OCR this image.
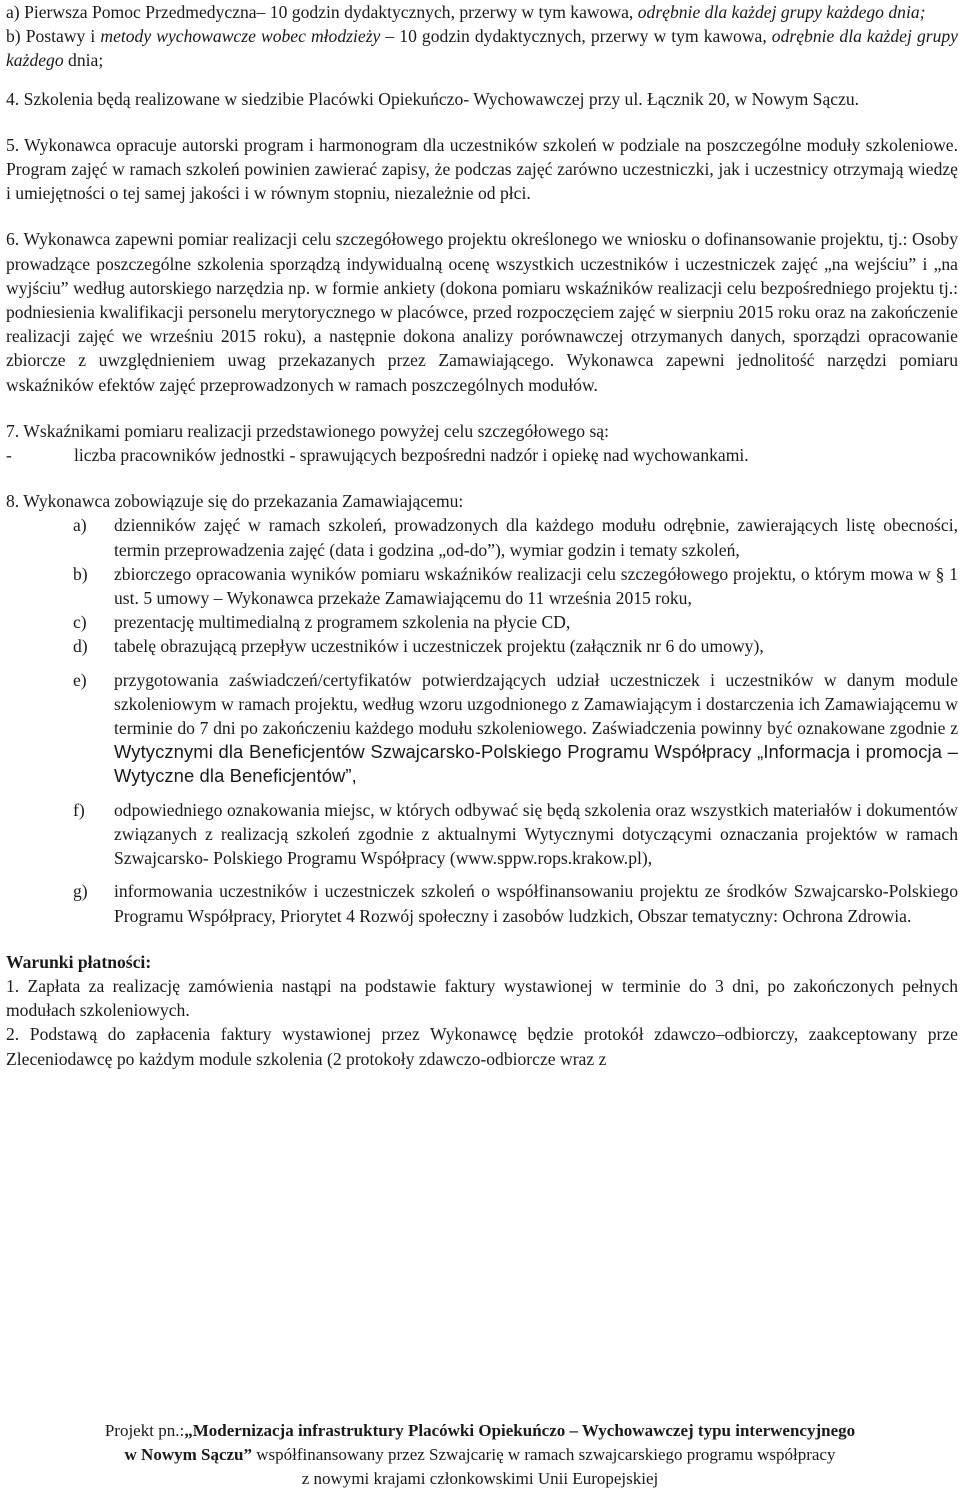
a) Pierwsza Pomoc Przedmedyczna– 10 godzin dydaktycznych, przerwy w tym kawowa, odrębnie dla każdej grupy każdego dnia;

b) Postawy i metody wychowawcze wobec młodzieży – 10 godzin dydaktycznych, przerwy w tym kawowa, odrębnie dla każdej grupy każdego dnia;

4. Szkolenia będą realizowane w siedzibie Placówki Opiekuńczo- Wychowawczej przy ul. Łącznik 20, w Nowym Sączu.

5. Wykonawca opracuje autorski program i harmonogram dla uczestników szkoleń w podziale na poszczególne moduły szkoleniowe. Program zajęć w ramach szkoleń powinien zawierać zapisy, że podczas zajęć zarówno uczestniczki, jak i uczestnicy otrzymają wiedzę i umiejętności o tej samej jakości i w równym stopniu, niezależnie od płci.

6. Wykonawca zapewni pomiar realizacji celu szczegółowego projektu określonego we wniosku o dofinansowanie projektu, tj.: Osoby prowadzące poszczególne szkolenia sporządzą indywidualną ocenę wszystkich uczestników i uczestniczek zajęć „na wejściu” i „na wyjściu” według autorskiego narzędzia np. w formie ankiety (dokona pomiaru wskaźników realizacji celu bezpośredniego projektu tj.: podniesienia kwalifikacji personelu merytorycznego w placówce, przed rozpoczęciem zajęć w sierpniu 2015 roku oraz na zakończenie realizacji zajęć we wrześniu 2015 roku), a następnie dokona analizy porównawczej otrzymanych danych, sporządzi opracowanie zbiorcze z uwzględnieniem uwag przekazanych przez Zamawiającego. Wykonawca zapewni jednolitość narzędzi pomiaru wskaźników efektów zajęć przeprowadzonych w ramach poszczególnych modułów.

7. Wskaźnikami pomiaru realizacji przedstawionego powyżej celu szczegółowego są:

-	liczba pracowników jednostki - sprawujących bezpośredni nadzór i opiekę nad wychowankami.

8. Wykonawca zobowiązuje się do przekazania Zamawiającemu:

a)	dzienników zajęć w ramach szkoleń, prowadzonych dla każdego modułu odrębnie, zawierających listę obecności, termin przeprowadzenia zajęć (data i godzina „od-do”), wymiar godzin i tematy szkoleń,
b)	zbiorczego opracowania wyników pomiaru wskaźników realizacji celu szczegółowego projektu, o którym mowa w § 1 ust. 5 umowy – Wykonawca przekaże Zamawiającemu do 11 września 2015 roku,
c)	prezentację multimedialną z programem szkolenia na płycie CD,
d)	tabelę obrazującą przepływ uczestników i uczestniczek projektu (załącznik nr 6 do umowy),
e)	przygotowania zaświadczeń/certyfikatów potwierdzających udział uczestniczek i uczestników w danym module szkoleniowym w ramach projektu, według wzoru uzgodnionego z Zamawiającym i dostarczenia ich Zamawiającemu w terminie do 7 dni po zakończeniu każdego modułu szkoleniowego. Zaświadczenia powinny być oznakowane zgodnie z Wytycznymi dla Beneficjentów Szwajcarsko-Polskiego Programu Współpracy „Informacja i promocja – Wytyczne dla Beneficjentów”,
f)	odpowiedniego oznakowania miejsc, w których odbywać się będą szkolenia oraz wszystkich materiałów i dokumentów związanych z realizacją szkoleń zgodnie z aktualnymi Wytycznymi dotyczącymi oznaczania projektów w ramach Szwajcarsko- Polskiego Programu Współpracy (www.sppw.rops.krakow.pl),
g)	informowania uczestników i uczestniczek szkoleń o współfinansowaniu projektu ze środków Szwajcarsko-Polskiego Programu Współpracy, Priorytet 4 Rozwój społeczny i zasobów ludzkich, Obszar tematyczny: Ochrona Zdrowia.

Warunki płatności:

1. Zapłata za realizację zamówienia nastąpi na podstawie faktury wystawionej w terminie do 3 dni, po zakończonych pełnych modułach szkoleniowych.

2. Podstawą do zapłacenia faktury wystawionej przez Wykonawcę będzie protokół zdawczo–odbiorczy, zaakceptowany prze Zleceniodawcę po każdym module szkolenia (2 protokoły zdawczo-odbiorcze wraz z

Projekt pn.:„Modernizacja infrastruktury Placówki Opiekuńczo – Wychowawczej typu interwencyjnego
w Nowym Sączu” współfinansowany przez Szwajcarię w ramach szwajcarskiego programu współpracy
z nowymi krajami członkowskimi Unii Europejskiej
